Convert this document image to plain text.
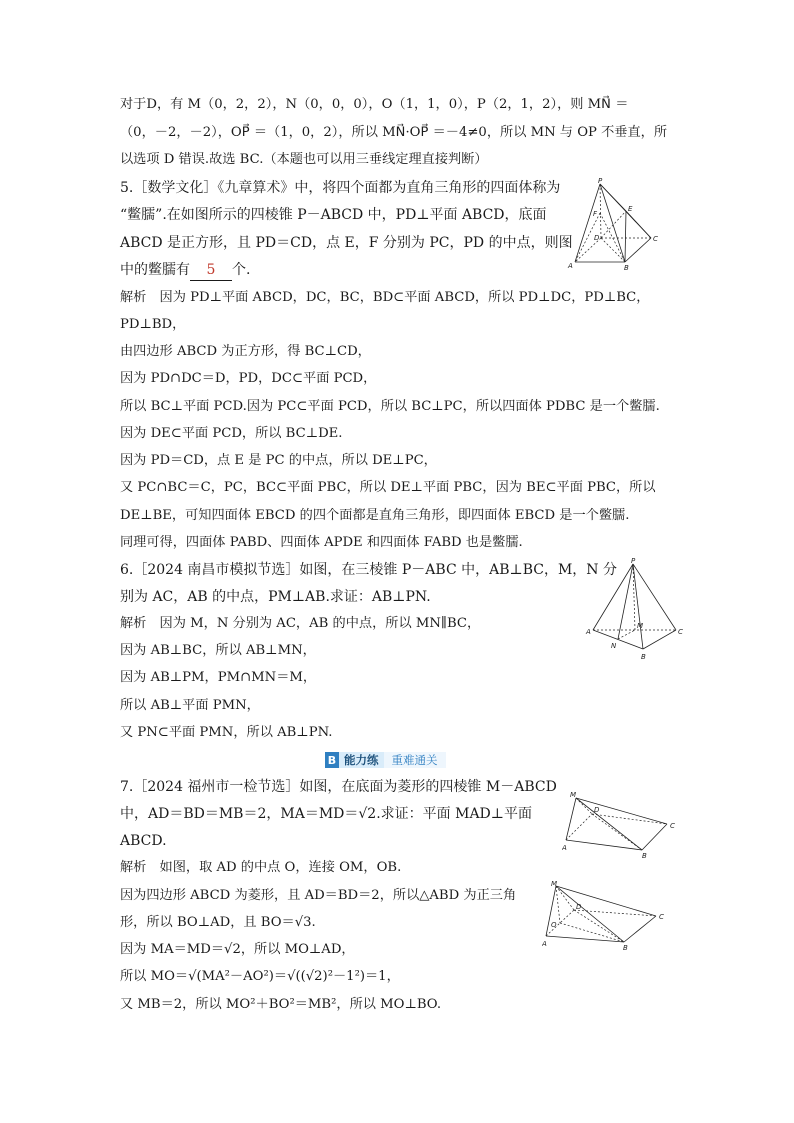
对于D，有 M（0，2，2），N（0，0，0），O（1，1，0），P（2，1，2），则 MN⃗ ＝
（0，－2，－2），OP⃗ ＝（1，0，2），所以 MN⃗·OP⃗ ＝－4≠0，所以 MN 与 OP 不垂直，所
以选项 D 错误.故选 BC.（本题也可以用三垂线定理直接判断）
5.［数学文化］《九章算术》中，将四个面都为直角三角形的四面体称为
“鳖臑”.在如图所示的四棱锥 P－ABCD 中，PD⊥平面 ABCD，底面
ABCD 是正方形，且 PD＝CD，点 E，F 分别为 PC，PD 的中点，则图
中的鳖臑有 5 个.
P
F
E
D	C
A	B
解析　因为 PD⊥平面 ABCD，DC，BC，BD⊂平面 ABCD，所以 PD⊥DC，PD⊥BC，
PD⊥BD，
由四边形 ABCD 为正方形，得 BC⊥CD，
因为 PD∩DC＝D，PD，DC⊂平面 PCD，
所以 BC⊥平面 PCD.因为 PC⊂平面 PCD，所以 BC⊥PC，所以四面体 PDBC 是一个鳖臑.
因为 DE⊂平面 PCD，所以 BC⊥DE.
因为 PD＝CD，点 E 是 PC 的中点，所以 DE⊥PC，
又 PC∩BC＝C，PC，BC⊂平面 PBC，所以 DE⊥平面 PBC，因为 BE⊂平面 PBC，所以
DE⊥BE，可知四面体 EBCD 的四个面都是直角三角形，即四面体 EBCD 是一个鳖臑.
同理可得，四面体 PABD、四面体 APDE 和四面体 FABD 也是鳖臑.
6.［2024 南昌市模拟节选］如图，在三棱锥 P－ABC 中，AB⊥BC，M，N 分
别为 AC，AB 的中点，PM⊥AB.求证：AB⊥PN.
P
A
M
C
N
B
解析　因为 M，N 分别为 AC，AB 的中点，所以 MN∥BC，
因为 AB⊥BC，所以 AB⊥MN，
因为 AB⊥PM，PM∩MN＝M，
所以 AB⊥平面 PMN，
又 PN⊂平面 PMN，所以 AB⊥PN.
B 能力练	重难通关
7.［2024 福州市一检节选］如图，在底面为菱形的四棱锥 M－ABCD
中，AD＝BD＝MB＝2，MA＝MD＝√2.求证：平面 MAD⊥平面
ABCD.
M
A
D
C
B
解析　如图，取 AD 的中点 O，连接 OM，OB.
因为四边形 ABCD 为菱形，且 AD＝BD＝2，所以△ABD 为正三角
形，所以 BO⊥AD，且 BO＝√3.
因为 MA＝MD＝√2，所以 MO⊥AD，
所以 MO＝√(MA²－AO²)＝√((√2)²－1²)＝1，
又 MB＝2，所以 MO²＋BO²＝MB²，所以 MO⊥BO.
M
O
D
C
A	B
